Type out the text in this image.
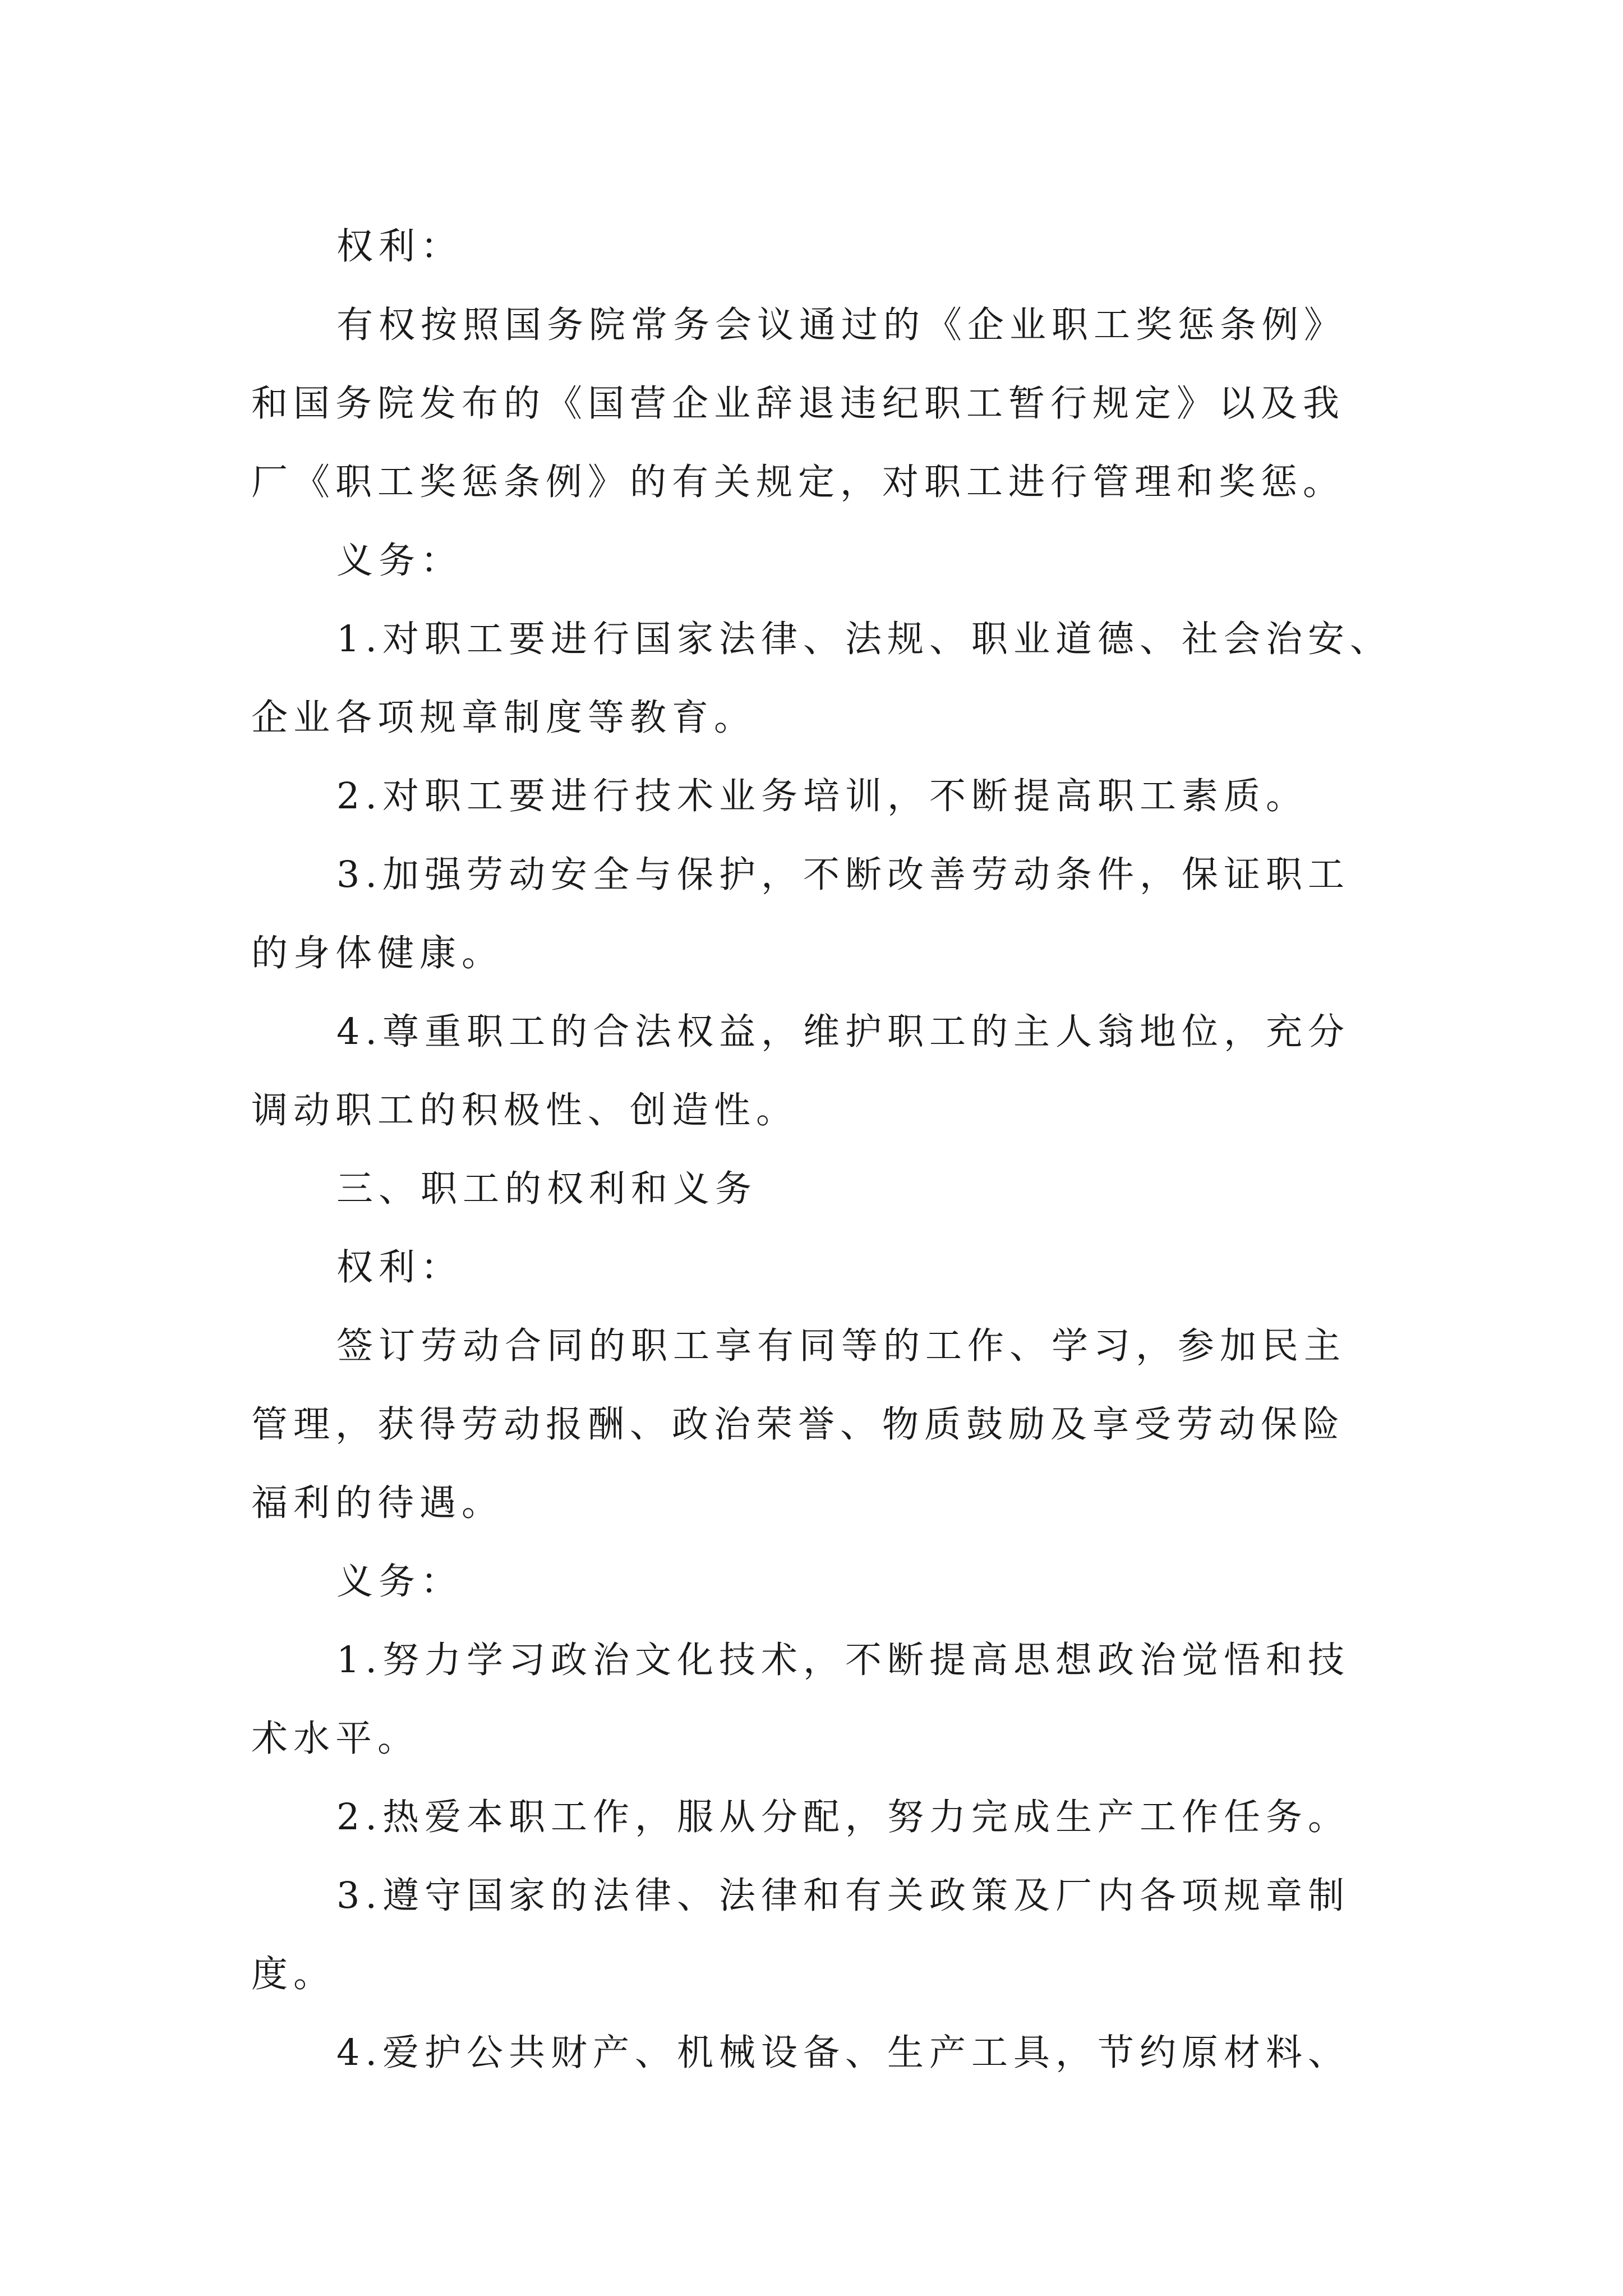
权利：
有权按照国务院常务会议通过的《企业职工奖惩条例》
和国务院发布的《国营企业辞退违纪职工暂行规定》以及我
厂《职工奖惩条例》的有关规定，对职工进行管理和奖惩。
义务：
1.对职工要进行国家法律、法规、职业道德、社会治安、
企业各项规章制度等教育。
2.对职工要进行技术业务培训，不断提高职工素质。
3.加强劳动安全与保护，不断改善劳动条件，保证职工
的身体健康。
4.尊重职工的合法权益，维护职工的主人翁地位，充分
调动职工的积极性、创造性。
三、职工的权利和义务
权利：
签订劳动合同的职工享有同等的工作、学习，参加民主
管理，获得劳动报酬、政治荣誉、物质鼓励及享受劳动保险
福利的待遇。
义务：
1.努力学习政治文化技术，不断提高思想政治觉悟和技
术水平。
2.热爱本职工作，服从分配，努力完成生产工作任务。
3.遵守国家的法律、法律和有关政策及厂内各项规章制
度。
4.爱护公共财产、机械设备、生产工具，节约原材料、
